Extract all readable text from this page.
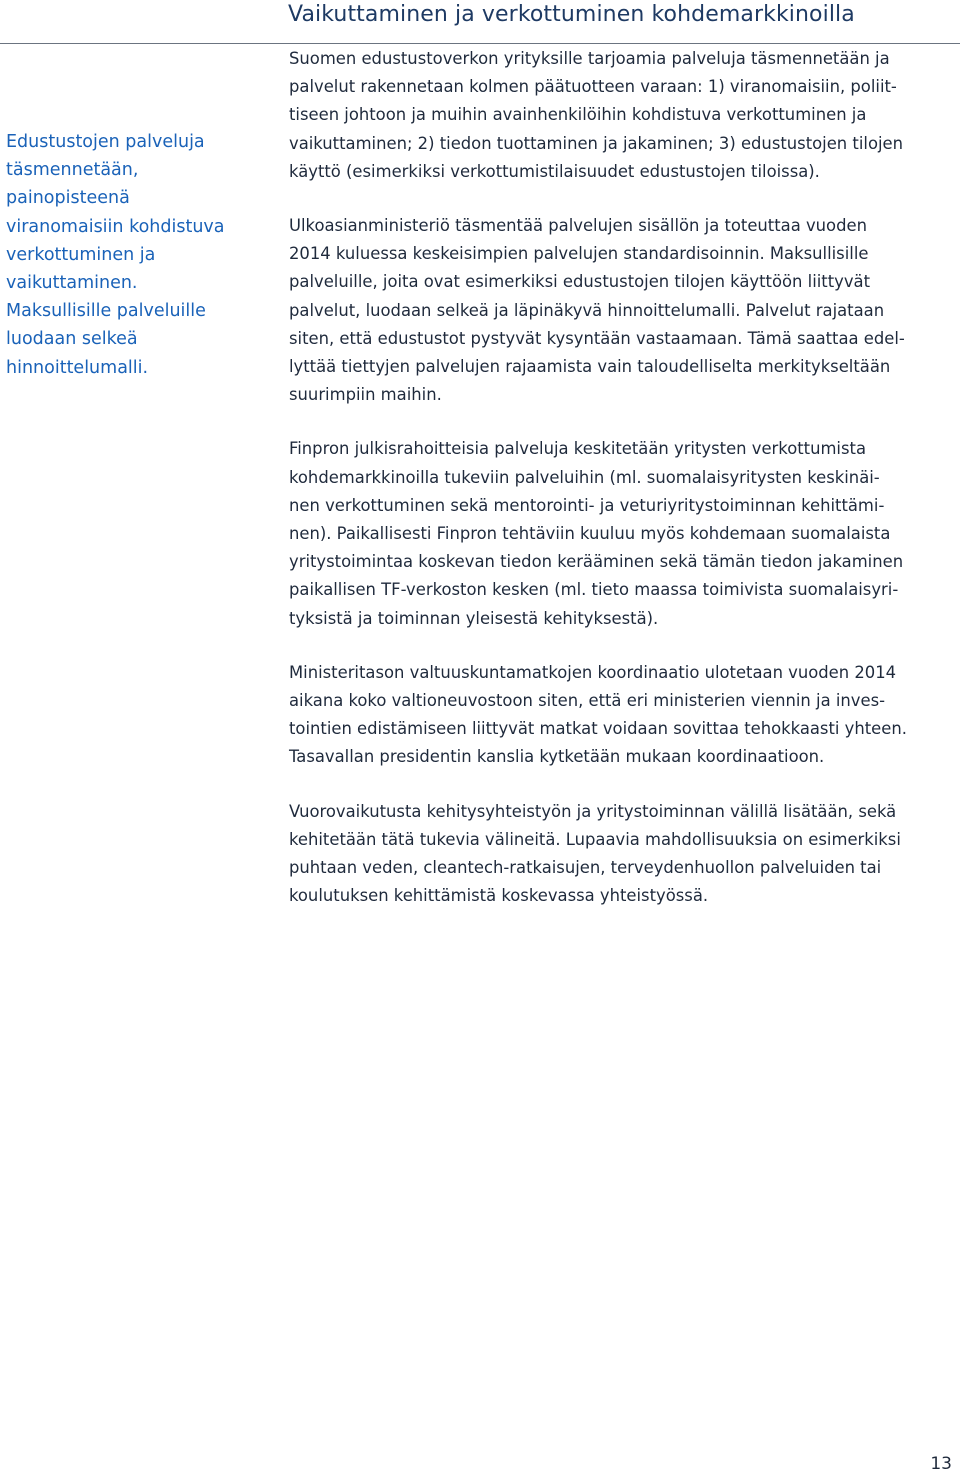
Vaikuttaminen ja verkottuminen kohdemarkkinoilla
Edustustojen palveluja
täsmennetään,
painopisteenä
viranomaisiin kohdistuva
verkottuminen ja
vaikuttaminen.
Maksullisille palveluille
luodaan selkeä
hinnoittelumalli.
Suomen edustustoverkon yrityksille tarjoamia palveluja täsmennetään ja
palvelut rakennetaan kolmen päätuotteen varaan: 1) viranomaisiin, poliit-
tiseen johtoon ja muihin avainhenkilöihin kohdistuva verkottuminen ja
vaikuttaminen; 2) tiedon tuottaminen ja jakaminen; 3) edustustojen tilojen
käyttö (esimerkiksi verkottumistilaisuudet edustustojen tiloissa).
Ulkoasianministeriö täsmentää palvelujen sisällön ja toteuttaa vuoden
2014 kuluessa keskeisimpien palvelujen standardisoinnin. Maksullisille
palveluille, joita ovat esimerkiksi edustustojen tilojen käyttöön liittyvät
palvelut, luodaan selkeä ja läpinäkyvä hinnoittelumalli. Palvelut rajataan
siten, että edustustot pystyvät kysyntään vastaamaan. Tämä saattaa edel-
lyttää tiettyjen palvelujen rajaamista vain taloudelliselta merkitykseltään
suurimpiin maihin.
Finpron julkisrahoitteisia palveluja keskitetään yritysten verkottumista
kohdemarkkinoilla tukeviin palveluihin (ml. suomalaisyritysten keskinäi-
nen verkottuminen sekä mentorointi- ja veturiyritystoiminnan kehittämi-
nen). Paikallisesti Finpron tehtäviin kuuluu myös kohdemaan suomalaista
yritystoimintaa koskevan tiedon kerääminen sekä tämän tiedon jakaminen
paikallisen TF-verkoston kesken (ml. tieto maassa toimivista suomalaisyri-
tyksistä ja toiminnan yleisestä kehityksestä).
Ministeritason valtuuskuntamatkojen koordinaatio ulotetaan vuoden 2014
aikana koko valtioneuvostoon siten, että eri ministerien viennin ja inves-
tointien edistämiseen liittyvät matkat voidaan sovittaa tehokkaasti yhteen.
Tasavallan presidentin kanslia kytketään mukaan koordinaatioon.
Vuorovaikutusta kehitysyhteistyön ja yritystoiminnan välillä lisätään, sekä
kehitetään tätä tukevia välineitä. Lupaavia mahdollisuuksia on esimerkiksi
puhtaan veden, cleantech-ratkaisujen, terveydenhuollon palveluiden tai
koulutuksen kehittämistä koskevassa yhteistyössä.
13
